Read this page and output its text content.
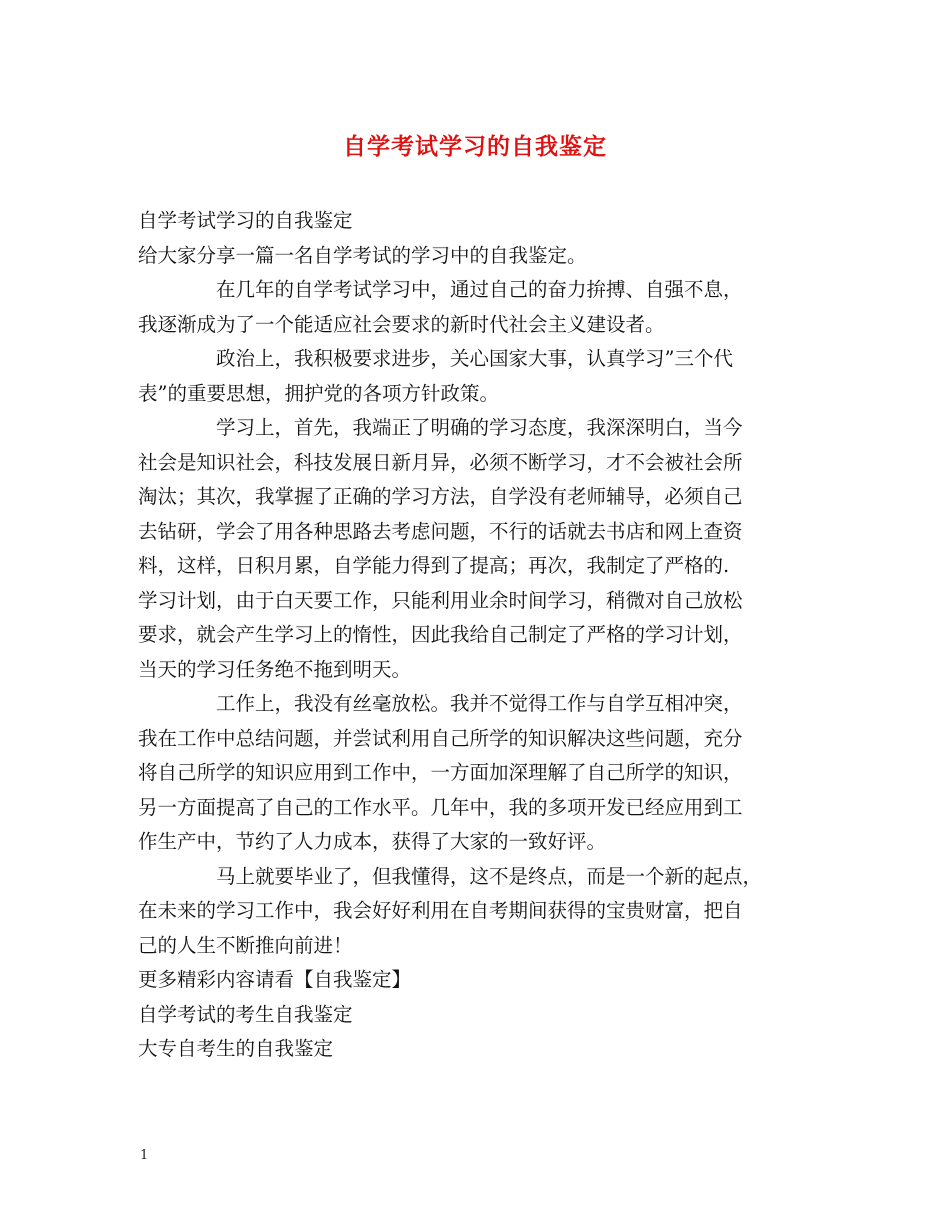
自学考试学习的自我鉴定
自学考试学习的自我鉴定
给大家分享一篇一名自学考试的学习中的自我鉴定。
在几年的自学考试学习中，通过自己的奋力拚搏、自强不息，
我逐渐成为了一个能适应社会要求的新时代社会主义建设者。
政治上，我积极要求进步，关心国家大事，认真学习”三个代
表”的重要思想，拥护党的各项方针政策。
学习上，首先，我端正了明确的学习态度，我深深明白，当今
社会是知识社会，科技发展日新月异，必须不断学习，才不会被社会所
淘汰；其次，我掌握了正确的学习方法，自学没有老师辅导，必须自己
去钻研，学会了用各种思路去考虑问题，不行的话就去书店和网上查资
料，这样，日积月累，自学能力得到了提高；再次，我制定了严格的.
学习计划，由于白天要工作，只能利用业余时间学习，稍微对自己放松
要求，就会产生学习上的惰性，因此我给自己制定了严格的学习计划，
当天的学习任务绝不拖到明天。
工作上，我没有丝毫放松。我并不觉得工作与自学互相冲突，
我在工作中总结问题，并尝试利用自己所学的知识解决这些问题，充分
将自己所学的知识应用到工作中，一方面加深理解了自己所学的知识，
另一方面提高了自己的工作水平。几年中，我的多项开发已经应用到工
作生产中，节约了人力成本，获得了大家的一致好评。
马上就要毕业了，但我懂得，这不是终点，而是一个新的起点，
在未来的学习工作中，我会好好利用在自考期间获得的宝贵财富，把自
己的人生不断推向前进！
更多精彩内容请看【自我鉴定】
自学考试的考生自我鉴定
大专自考生的自我鉴定
1
